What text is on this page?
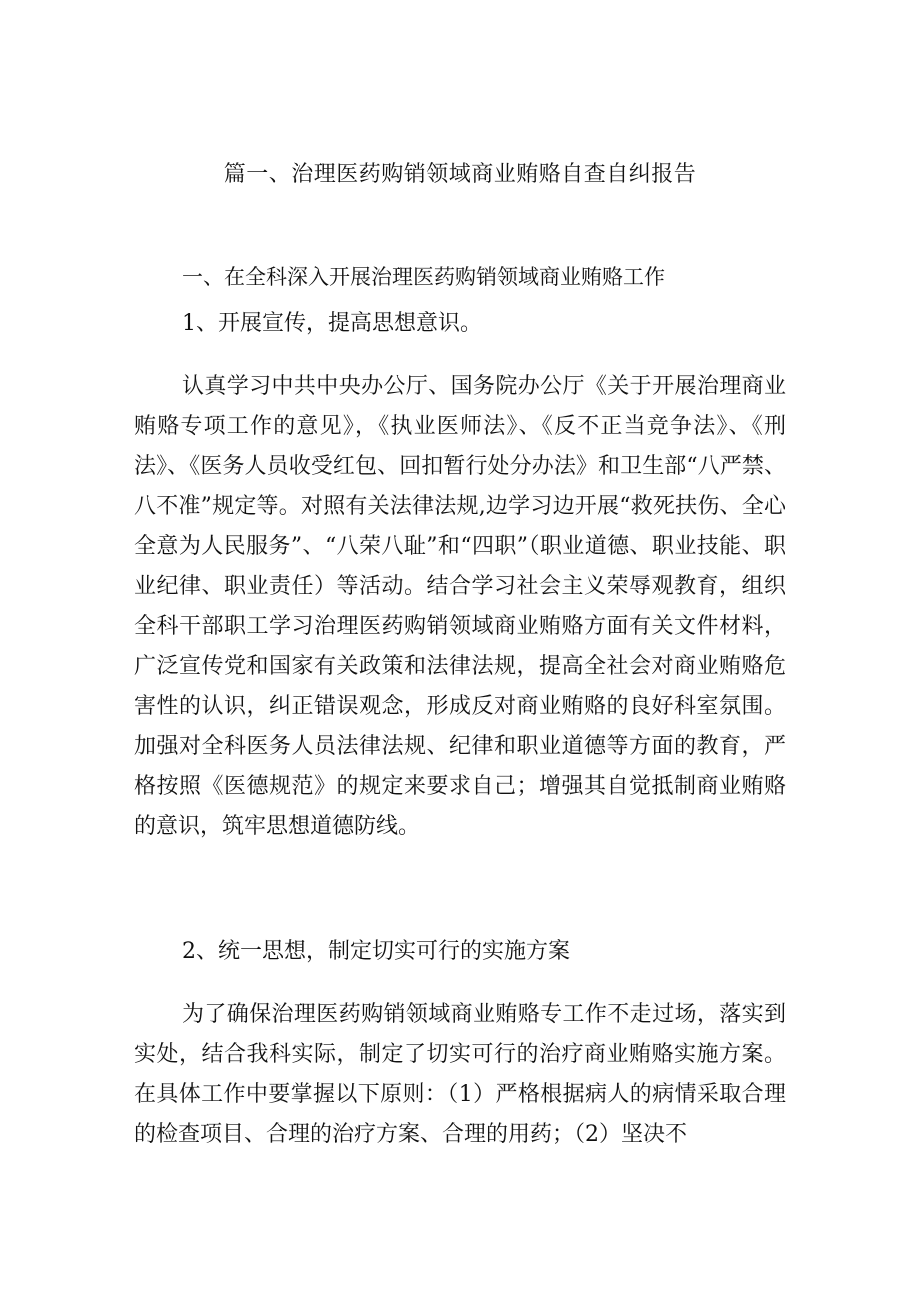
篇一、治理医药购销领域商业贿赂自查自纠报告
一、在全科深入开展治理医药购销领域商业贿赂工作

1、开展宣传，提高思想意识。

认真学习中共中央办公厅、国务院办公厅《关于开展治理商业贿赂专项工作的意见》，《执业医师法》、《反不正当竞争法》、《刑法》、《医务人员收受红包、回扣暂行处分办法》和卫生部“八严禁、八不准”规定等。对照有关法律法规,边学习边开展“救死扶伤、全心全意为人民服务”、“八荣八耻”和“四职”（职业道德、职业技能、职业纪律、职业责任）等活动。结合学习社会主义荣辱观教育，组织全科干部职工学习治理医药购销领域商业贿赂方面有关文件材料，广泛宣传党和国家有关政策和法律法规，提高全社会对商业贿赂危害性的认识，纠正错误观念，形成反对商业贿赂的良好科室氛围。加强对全科医务人员法律法规、纪律和职业道德等方面的教育，严格按照《医德规范》的规定来要求自己；增强其自觉抵制商业贿赂的意识，筑牢思想道德防线。

2、统一思想，制定切实可行的实施方案

为了确保治理医药购销领域商业贿赂专工作不走过场，落实到实处，结合我科实际，制定了切实可行的治疗商业贿赂实施方案。在具体工作中要掌握以下原则：（1）严格根据病人的病情采取合理的检查项目、合理的治疗方案、合理的用药；（2）坚决不
